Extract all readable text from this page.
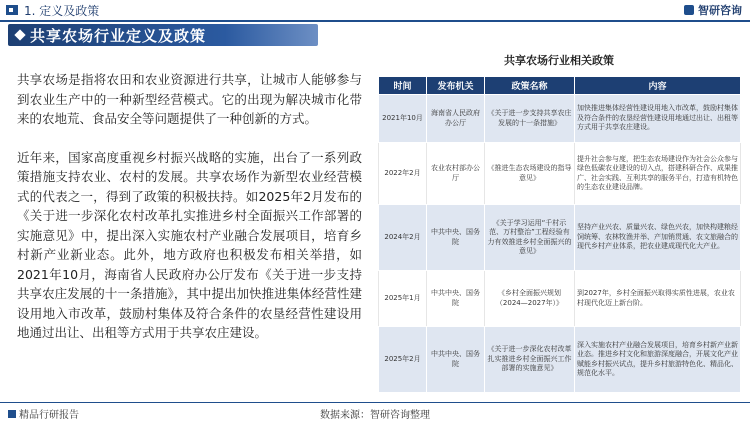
1. 定义及政策	智研咨询
共享农场行业定义及政策

共享农场是指将农田和农业资源进行共享，让城市人能够参与到农业生产中的一种新型经营模式。它的出现为解决城市化带来的农地荒、食品安全等问题提供了一种创新的方式。

近年来，国家高度重视乡村振兴战略的实施，出台了一系列政策措施支持农业、农村的发展。共享农场作为新型农业经营模式的代表之一，得到了政策的积极扶持。如2025年2月发布的《关于进一步深化农村改革扎实推进乡村全面振兴工作部署的实施意见》中，提出深入实施农村产业融合发展项目，培育乡村新产业新业态。此外，地方政府也积极发布相关举措，如2021年10月，海南省人民政府办公厅发布《关于进一步支持共享农庄发展的十一条措施》，其中提出加快推进集体经营性建设用地入市改革，鼓励村集体及符合条件的农垦经营性建设用地通过出让、出租等方式用于共享农庄建设。

共享农场行业相关政策
时间	发布机关	政策名称	内容
2021年10月	海南省人民政府办公厅	《关于进一步支持共享农庄发展的十一条措施》	加快推进集体经营性建设用地入市改革，鼓励村集体及符合条件的农垦经营性建设用地通过出让、出租等方式用于共享农庄建设。
2022年2月	农业农村部办公厅	《推进生态农场建设的指导意见》	提升社会参与度，把生态农场建设作为社会公众参与绿色低碳农业建设的切入点，搭建科研合作、成果推广、社会实践、互利共享的服务平台，打造有机特色的生态农业建设品牌。
2024年2月	中共中央、国务院	《关于学习运用“千村示范、万村整治”工程经验有力有效推进乡村全面振兴的意见》	坚持产业兴农、质量兴农、绿色兴农，加快构建粮经饲统筹、农林牧渔并举、产加销贯通、农文旅融合的现代乡村产业体系，把农业建成现代化大产业。
2025年1月	中共中央、国务院	《乡村全面振兴规划（2024—2027年）》	到2027年，乡村全面振兴取得实质性进展，农业农村现代化迈上新台阶。
2025年2月	中共中央、国务院	《关于进一步深化农村改革扎实推进乡村全面振兴工作部署的实施意见》	深入实施农村产业融合发展项目，培育乡村新产业新业态。推进乡村文化和旅游深度融合，开展文化产业赋能乡村振兴试点，提升乡村旅游特色化、精品化、规范化水平。
精品行研报告	数据来源：智研咨询整理
